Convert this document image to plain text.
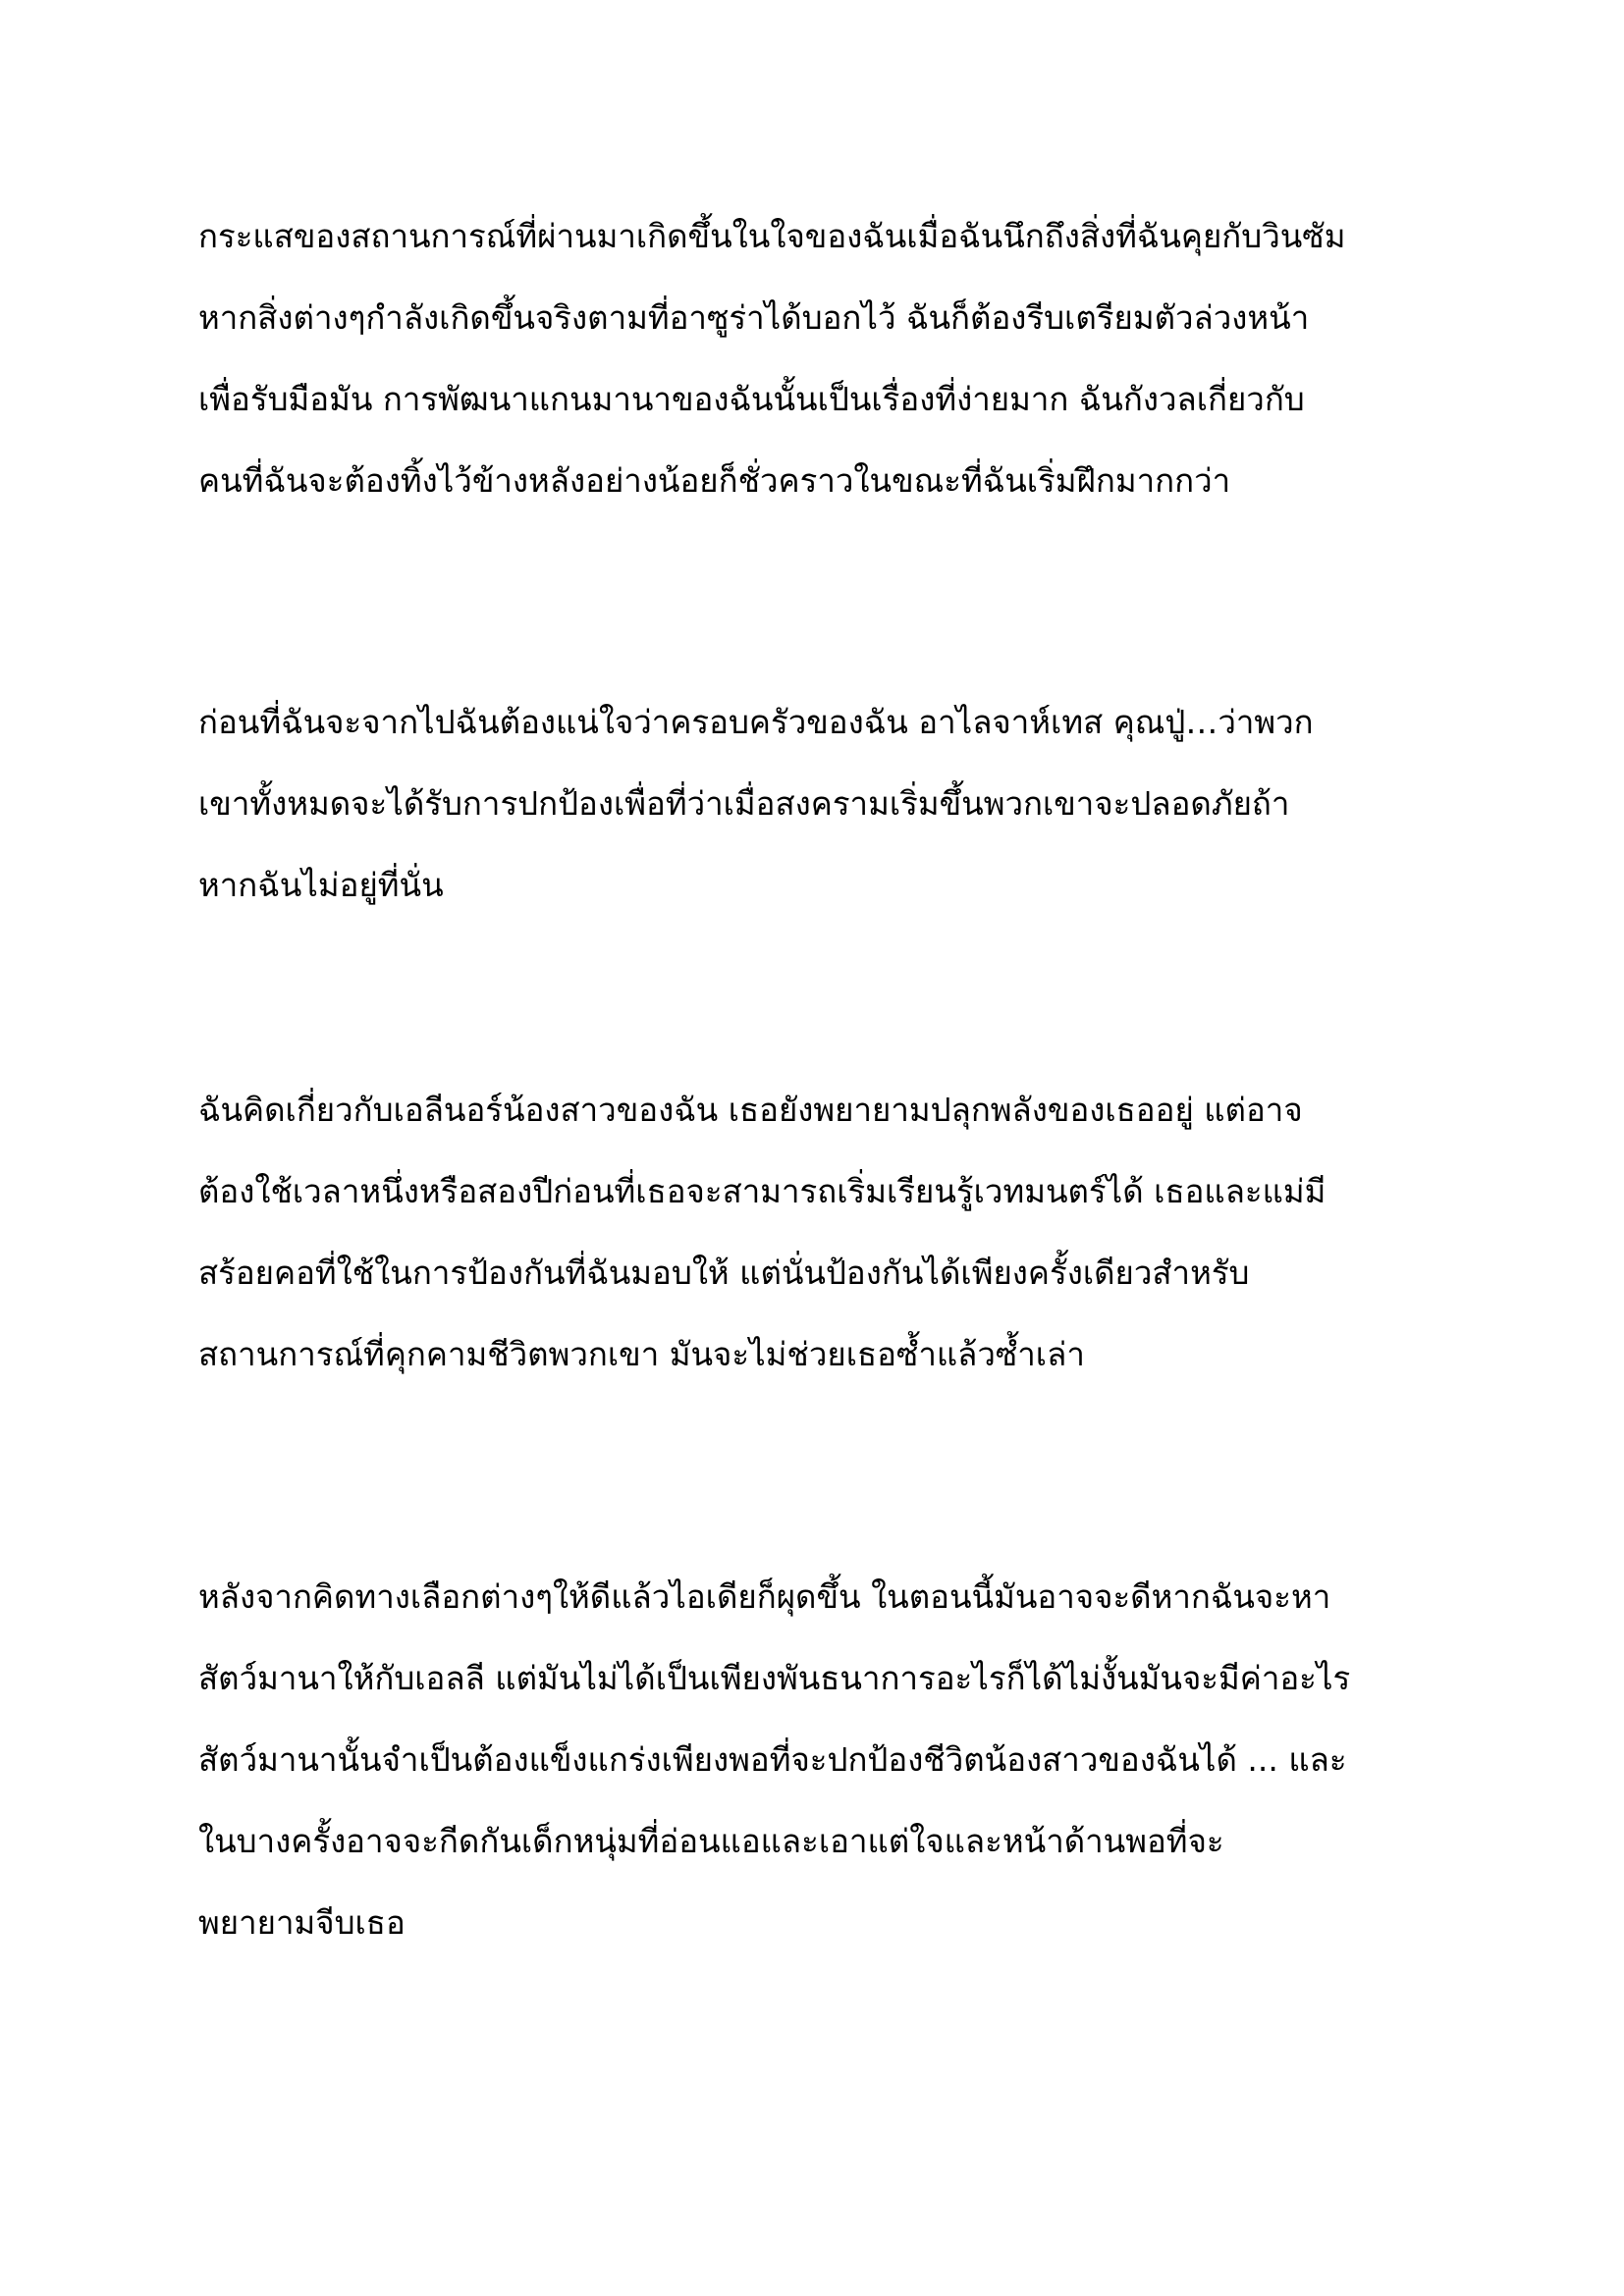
กระแสของสถานการณ์ที่ผ่านมาเกิดขึ้นในใจของฉันเมื่อฉันนึกถึงสิ่งที่ฉันคุยกับวินซัม
หากสิ่งต่างๆกำลังเกิดขึ้นจริงตามที่อาซูร่าได้บอกไว้ ฉันก็ต้องรีบเตรียมตัวล่วงหน้า
เพื่อรับมือมัน การพัฒนาแกนมานาของฉันนั้นเป็นเรื่องที่ง่ายมาก ฉันกังวลเกี่ยวกับ
คนที่ฉันจะต้องทิ้งไว้ข้างหลังอย่างน้อยก็ชั่วคราวในขณะที่ฉันเริ่มฝึกมากกว่า

ก่อนที่ฉันจะจากไปฉันต้องแน่ใจว่าครอบครัวของฉัน อาไลจาห์เทส คุณปู่…ว่าพวก
เขาทั้งหมดจะได้รับการปกป้องเพื่อที่ว่าเมื่อสงครามเริ่มขึ้นพวกเขาจะปลอดภัยถ้า
หากฉันไม่อยู่ที่นั่น

ฉันคิดเกี่ยวกับเอลีนอร์น้องสาวของฉัน เธอยังพยายามปลุกพลังของเธออยู่ แต่อาจ
ต้องใช้เวลาหนึ่งหรือสองปีก่อนที่เธอจะสามารถเริ่มเรียนรู้เวทมนตร์ได้ เธอและแม่มี
สร้อยคอที่ใช้ในการป้องกันที่ฉันมอบให้ แต่นั่นป้องกันได้เพียงครั้งเดียวสำหรับ
สถานการณ์ที่คุกคามชีวิตพวกเขา มันจะไม่ช่วยเธอซ้ำแล้วซ้ำเล่า

หลังจากคิดทางเลือกต่างๆให้ดีแล้วไอเดียก็ผุดขึ้น ในตอนนี้มันอาจจะดีหากฉันจะหา
สัตว์มานาให้กับเอลลี แต่มันไม่ได้เป็นเพียงพันธนาการอะไรก็ได้ไม่งั้นมันจะมีค่าอะไร
สัตว์มานานั้นจำเป็นต้องแข็งแกร่งเพียงพอที่จะปกป้องชีวิตน้องสาวของฉันได้ ... และ
ในบางครั้งอาจจะกีดกันเด็กหนุ่มที่อ่อนแอและเอาแต่ใจและหน้าด้านพอที่จะ
พยายามจีบเธอ
